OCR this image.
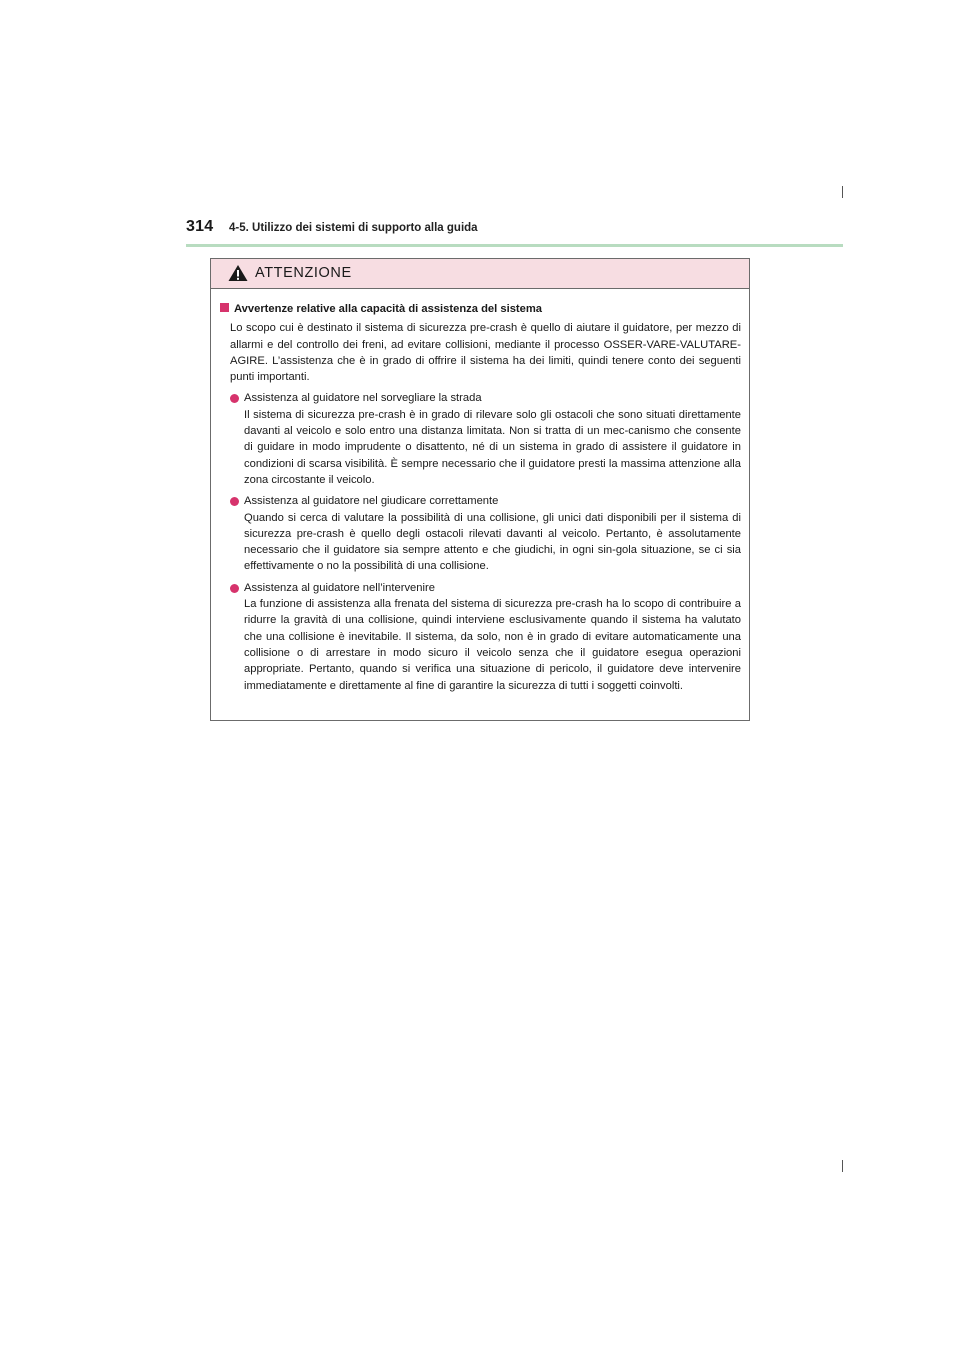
314 4-5. Utilizzo dei sistemi di supporto alla guida
ATTENZIONE
Avvertenze relative alla capacità di assistenza del sistema
Lo scopo cui è destinato il sistema di sicurezza pre-crash è quello di aiutare il guidatore, per mezzo di allarmi e del controllo dei freni, ad evitare collisioni, mediante il processo OSSER-VARE-VALUTARE-AGIRE. L’assistenza che è in grado di offrire il sistema ha dei limiti, quindi tenere conto dei seguenti punti importanti.
Assistenza al guidatore nel sorvegliare la strada
Il sistema di sicurezza pre-crash è in grado di rilevare solo gli ostacoli che sono situati direttamente davanti al veicolo e solo entro una distanza limitata. Non si tratta di un mec-canismo che consente di guidare in modo imprudente o disattento, né di un sistema in grado di assistere il guidatore in condizioni di scarsa visibilità. È sempre necessario che il guidatore presti la massima attenzione alla zona circostante il veicolo.
Assistenza al guidatore nel giudicare correttamente
Quando si cerca di valutare la possibilità di una collisione, gli unici dati disponibili per il sistema di sicurezza pre-crash è quello degli ostacoli rilevati davanti al veicolo. Pertanto, è assolutamente necessario che il guidatore sia sempre attento e che giudichi, in ogni sin-gola situazione, se ci sia effettivamente o no la possibilità di una collisione.
Assistenza al guidatore nell’intervenire
La funzione di assistenza alla frenata del sistema di sicurezza pre-crash ha lo scopo di contribuire a ridurre la gravità di una collisione, quindi interviene esclusivamente quando il sistema ha valutato che una collisione è inevitabile. Il sistema, da solo, non è in grado di evitare automaticamente una collisione o di arrestare in modo sicuro il veicolo senza che il guidatore esegua operazioni appropriate. Pertanto, quando si verifica una situazione di pericolo, il guidatore deve intervenire immediatamente e direttamente al fine di garantire la sicurezza di tutti i soggetti coinvolti.
